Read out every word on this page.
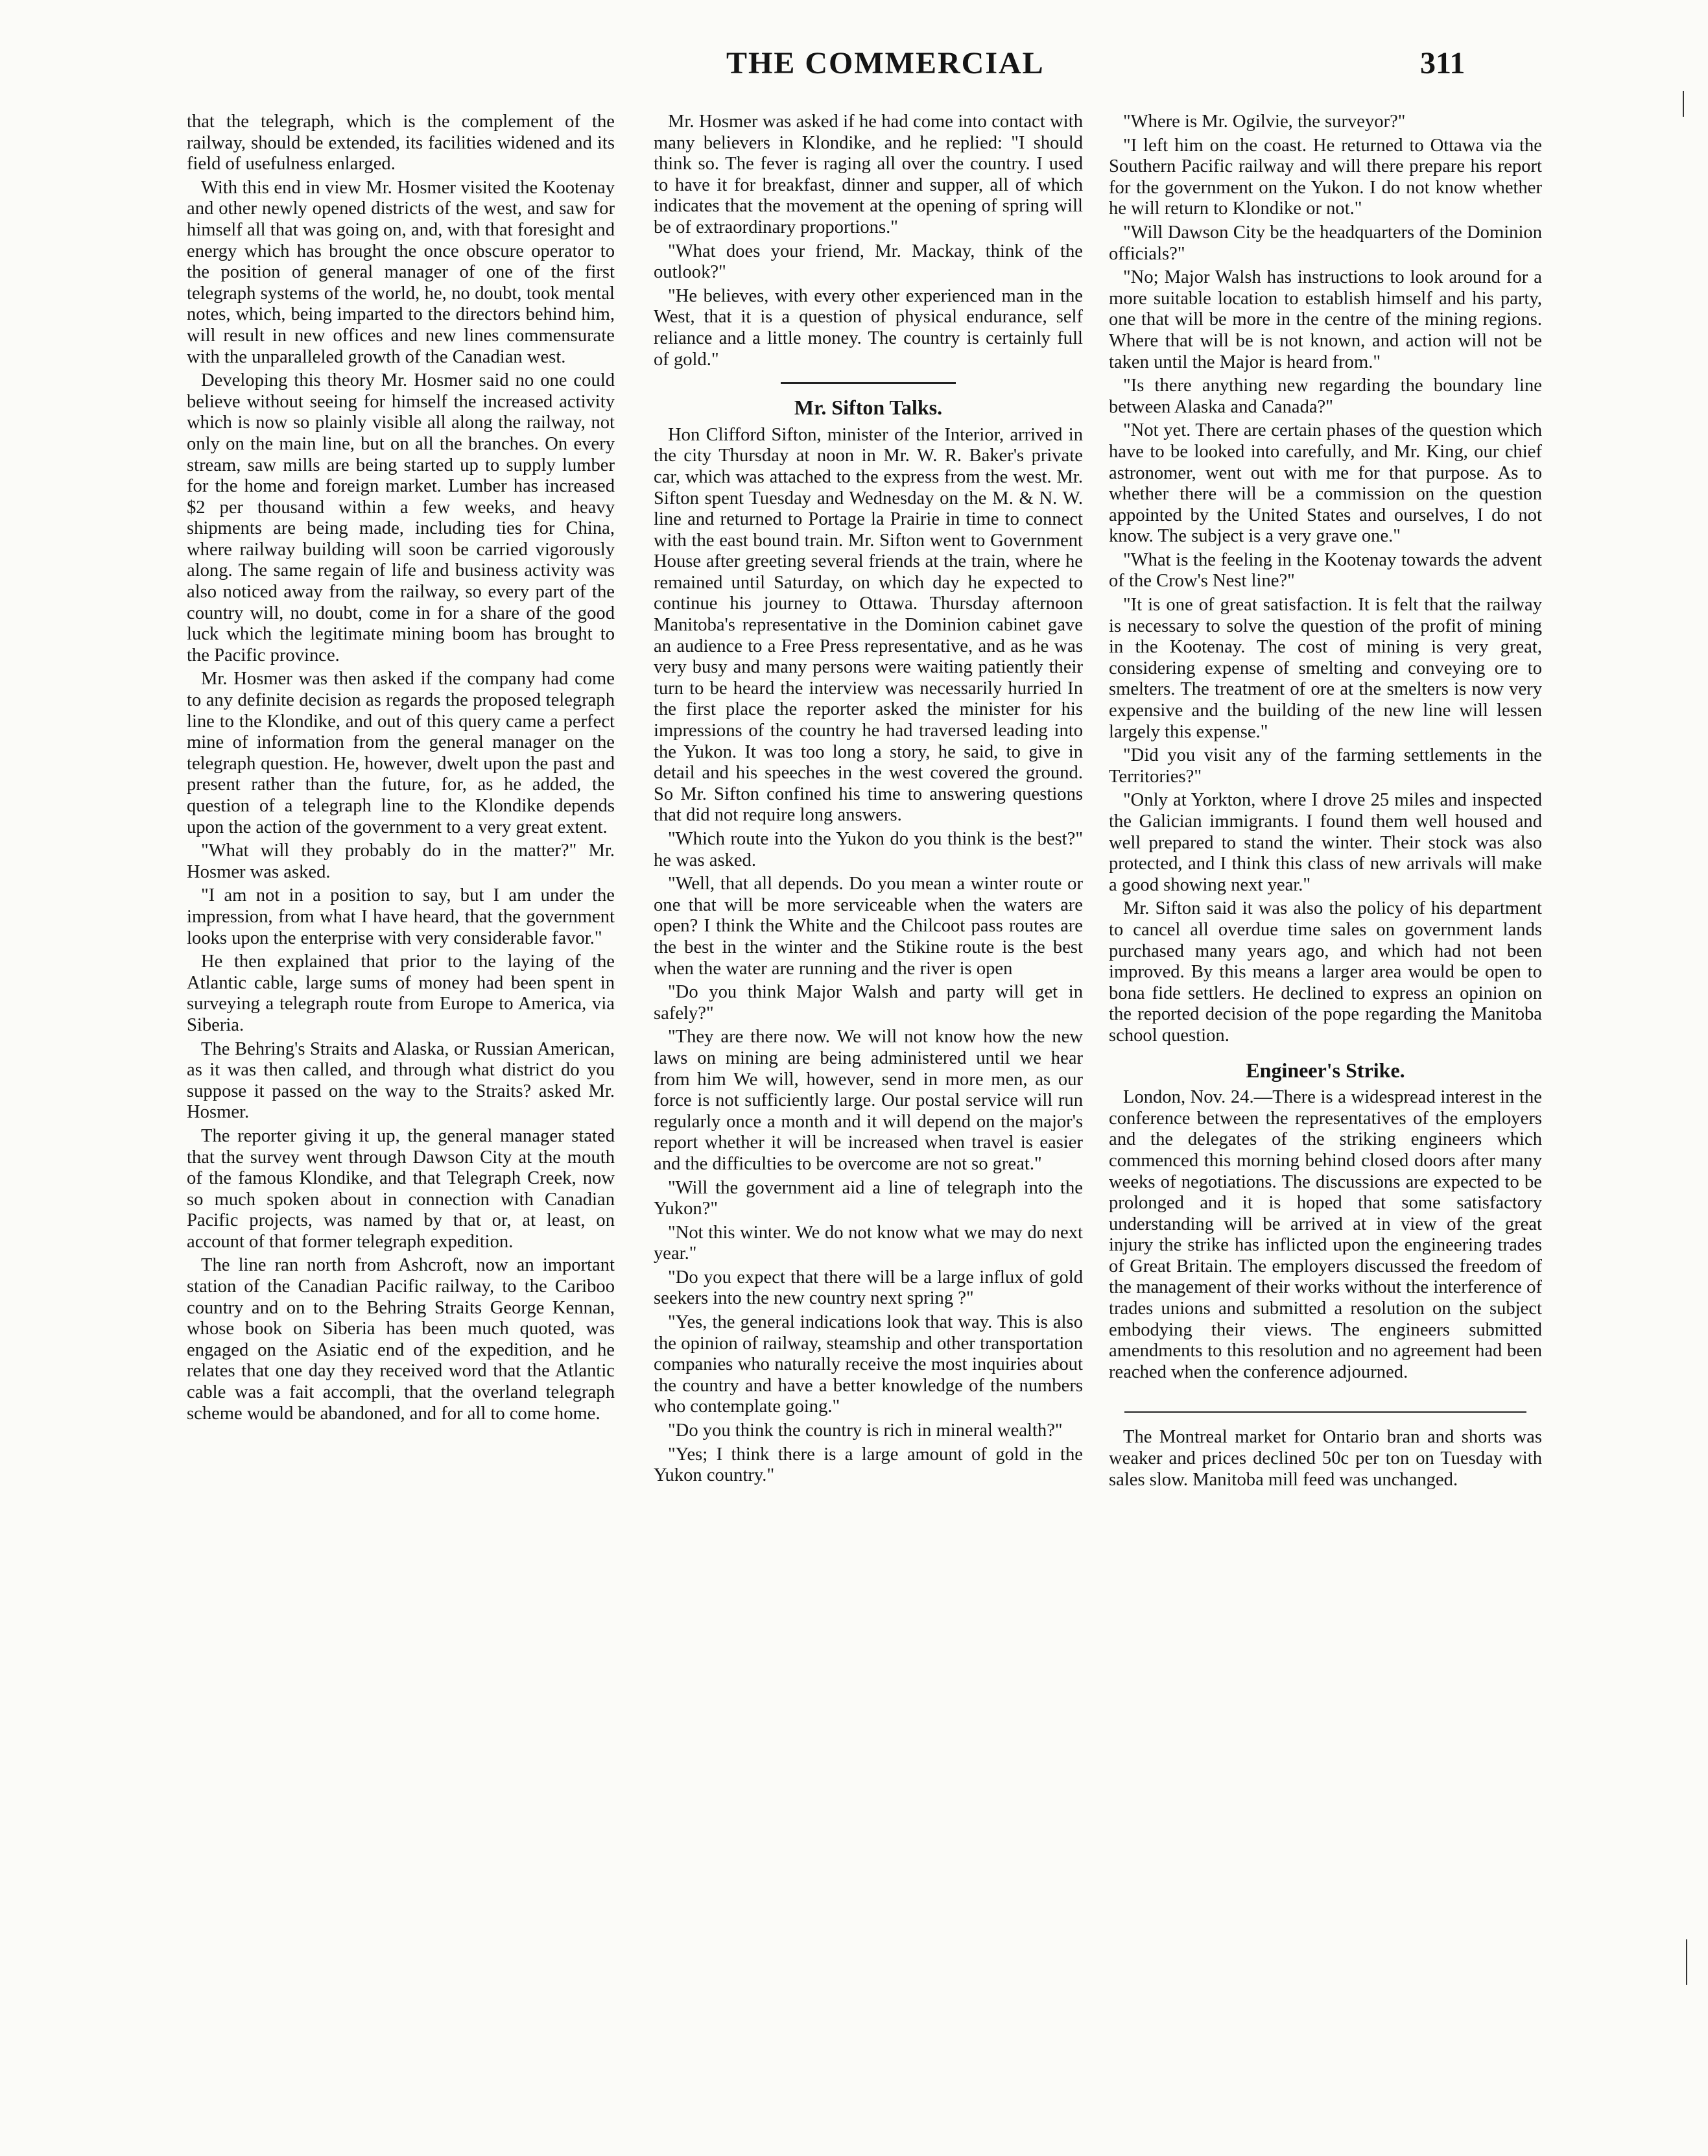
THE COMMERCIAL	311

that the telegraph, which is the complement of the railway, should be extended, its facilities widened and its field of usefulness enlarged.

With this end in view Mr. Hosmer visited the Kootenay and other newly opened districts of the west, and saw for himself all that was going on, and, with that foresight and energy which has brought the once obscure operator to the position of general manager of one of the first telegraph systems of the world, he, no doubt, took mental notes, which, being imparted to the directors behind him, will result in new offices and new lines commensurate with the unparalleled growth of the Canadian west.

Developing this theory Mr. Hosmer said no one could believe without seeing for himself the increased activity which is now so plainly visible all along the railway, not only on the main line, but on all the branches. On every stream, saw mills are being started up to supply lumber for the home and foreign market. Lumber has increased $2 per thousand within a few weeks, and heavy shipments are being made, including ties for China, where railway building will soon be carried vigorously along. The same regain of life and business activity was also noticed away from the railway, so every part of the country will, no doubt, come in for a share of the good luck which the legitimate mining boom has brought to the Pacific province.

Mr. Hosmer was then asked if the company had come to any definite decision as regards the proposed telegraph line to the Klondike, and out of this query came a perfect mine of information from the general manager on the telegraph question. He, however, dwelt upon the past and present rather than the future, for, as he added, the question of a telegraph line to the Klondike depends upon the action of the government to a very great extent.

"What will they probably do in the matter?" Mr. Hosmer was asked.

"I am not in a position to say, but I am under the impression, from what I have heard, that the government looks upon the enterprise with very considerable favor."

He then explained that prior to the laying of the Atlantic cable, large sums of money had been spent in surveying a telegraph route from Europe to America, via Siberia.

The Behring's Straits and Alaska, or Russian American, as it was then called, and through what district do you suppose it passed on the way to the Straits? asked Mr. Hosmer.

The reporter giving it up, the general manager stated that the survey went through Dawson City at the mouth of the famous Klondike, and that Telegraph Creek, now so much spoken about in connection with Canadian Pacific projects, was named by that or, at least, on account of that former telegraph expedition.

The line ran north from Ashcroft, now an important station of the Canadian Pacific railway, to the Cariboo country and on to the Behring Straits George Kennan, whose book on Siberia has been much quoted, was engaged on the Asiatic end of the expedition, and he relates that one day they received word that the Atlantic cable was a fait accompli, that the overland telegraph scheme would be abandoned, and for all to come home.

Mr. Hosmer was asked if he had come into contact with many believers in Klondike, and he replied: "I should think so. The fever is raging all over the country. I used to have it for breakfast, dinner and supper, all of which indicates that the movement at the opening of spring will be of extraordinary proportions."

"What does your friend, Mr. Mackay, think of the outlook?"

"He believes, with every other experienced man in the West, that it is a question of physical endurance, self reliance and a little money. The country is certainly full of gold."

Mr. Sifton Talks.

Hon Clifford Sifton, minister of the Interior, arrived in the city Thursday at noon in Mr. W. R. Baker's private car, which was attached to the express from the west. Mr. Sifton spent Tuesday and Wednesday on the M. & N. W. line and returned to Portage la Prairie in time to connect with the east bound train. Mr. Sifton went to Government House after greeting several friends at the train, where he remained until Saturday, on which day he expected to continue his journey to Ottawa. Thursday afternoon Manitoba's representative in the Dominion cabinet gave an audience to a Free Press representative, and as he was very busy and many persons were waiting patiently their turn to be heard the interview was necessarily hurried In the first place the reporter asked the minister for his impressions of the country he had traversed leading into the Yukon. It was too long a story, he said, to give in detail and his speeches in the west covered the ground. So Mr. Sifton confined his time to answering questions that did not require long answers.

"Which route into the Yukon do you think is the best?" he was asked.

"Well, that all depends. Do you mean a winter route or one that will be more serviceable when the waters are open? I think the White and the Chilcoot pass routes are the best in the winter and the Stikine route is the best when the water are running and the river is open

"Do you think Major Walsh and party will get in safely?"

"They are there now. We will not know how the new laws on mining are being administered until we hear from him We will, however, send in more men, as our force is not sufficiently large. Our postal service will run regularly once a month and it will depend on the major's report whether it will be increased when travel is easier and the difficulties to be overcome are not so great."

"Will the government aid a line of telegraph into the Yukon?"

"Not this winter. We do not know what we may do next year."

"Do you expect that there will be a large influx of gold seekers into the new country next spring ?"

"Yes, the general indications look that way. This is also the opinion of railway, steamship and other transportation companies who naturally receive the most inquiries about the country and have a better knowledge of the numbers who contemplate going."

"Do you think the country is rich in mineral wealth?"

"Yes; I think there is a large amount of gold in the Yukon country."

"Where is Mr. Ogilvie, the surveyor?"

"I left him on the coast. He returned to Ottawa via the Southern Pacific railway and will there prepare his report for the government on the Yukon. I do not know whether he will return to Klondike or not."

"Will Dawson City be the headquarters of the Dominion officials?"

"No; Major Walsh has instructions to look around for a more suitable location to establish himself and his party, one that will be more in the centre of the mining regions. Where that will be is not known, and action will not be taken until the Major is heard from."

"Is there anything new regarding the boundary line between Alaska and Canada?"

"Not yet. There are certain phases of the question which have to be looked into carefully, and Mr. King, our chief astronomer, went out with me for that purpose. As to whether there will be a commission on the question appointed by the United States and ourselves, I do not know. The subject is a very grave one."

"What is the feeling in the Kootenay towards the advent of the Crow's Nest line?"

"It is one of great satisfaction. It is felt that the railway is necessary to solve the question of the profit of mining in the Kootenay. The cost of mining is very great, considering expense of smelting and conveying ore to smelters. The treatment of ore at the smelters is now very expensive and the building of the new line will lessen largely this expense."

"Did you visit any of the farming settlements in the Territories?"

"Only at Yorkton, where I drove 25 miles and inspected the Galician immigrants. I found them well housed and well prepared to stand the winter. Their stock was also protected, and I think this class of new arrivals will make a good showing next year."

Mr. Sifton said it was also the policy of his department to cancel all overdue time sales on government lands purchased many years ago, and which had not been improved. By this means a larger area would be open to bona fide settlers. He declined to express an opinion on the reported decision of the pope regarding the Manitoba school question.

Engineer's Strike.

London, Nov. 24.—There is a widespread interest in the conference between the representatives of the employers and the delegates of the striking engineers which commenced this morning behind closed doors after many weeks of negotiations. The discussions are expected to be prolonged and it is hoped that some satisfactory understanding will be arrived at in view of the great injury the strike has inflicted upon the engineering trades of Great Britain. The employers discussed the freedom of the management of their works without the interference of trades unions and submitted a resolution on the subject embodying their views. The engineers submitted amendments to this resolution and no agreement had been reached when the conference adjourned.

The Montreal market for Ontario bran and shorts was weaker and prices declined 50c per ton on Tuesday with sales slow. Manitoba mill feed was unchanged.
